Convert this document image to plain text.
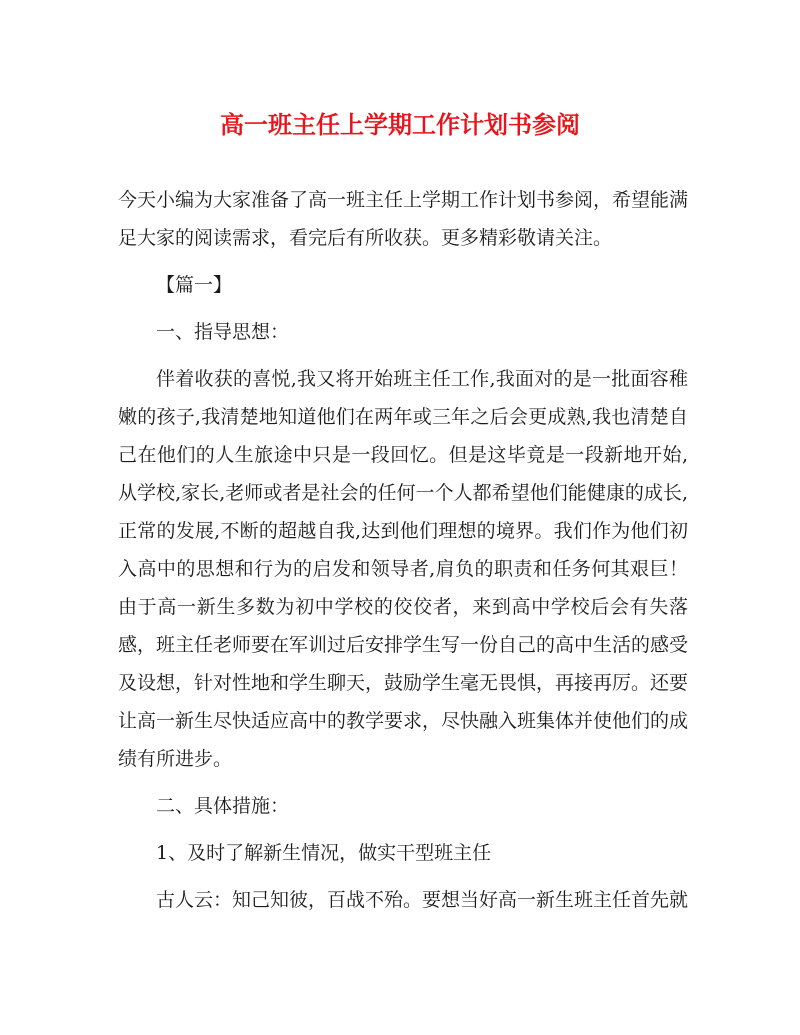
高一班主任上学期工作计划书参阅

今天小编为大家准备了高一班主任上学期工作计划书参阅，希望能满足大家的阅读需求，看完后有所收获。更多精彩敬请关注。

【篇一】

一、指导思想：

伴着收获的喜悦,我又将开始班主任工作,我面对的是一批面容稚嫩的孩子,我清楚地知道他们在两年或三年之后会更成熟,我也清楚自己在他们的人生旅途中只是一段回忆。但是这毕竟是一段新地开始,从学校,家长,老师或者是社会的任何一个人都希望他们能健康的成长,正常的发展,不断的超越自我,达到他们理想的境界。我们作为他们初入高中的思想和行为的启发和领导者,肩负的职责和任务何其艰巨！由于高一新生多数为初中学校的佼佼者，来到高中学校后会有失落感，班主任老师要在军训过后安排学生写一份自己的高中生活的感受及设想，针对性地和学生聊天，鼓励学生毫无畏惧，再接再厉。还要让高一新生尽快适应高中的教学要求，尽快融入班集体并使他们的成绩有所进步。

二、具体措施：

1、及时了解新生情况，做实干型班主任

古人云：知己知彼，百战不殆。要想当好高一新生班主任首先就
